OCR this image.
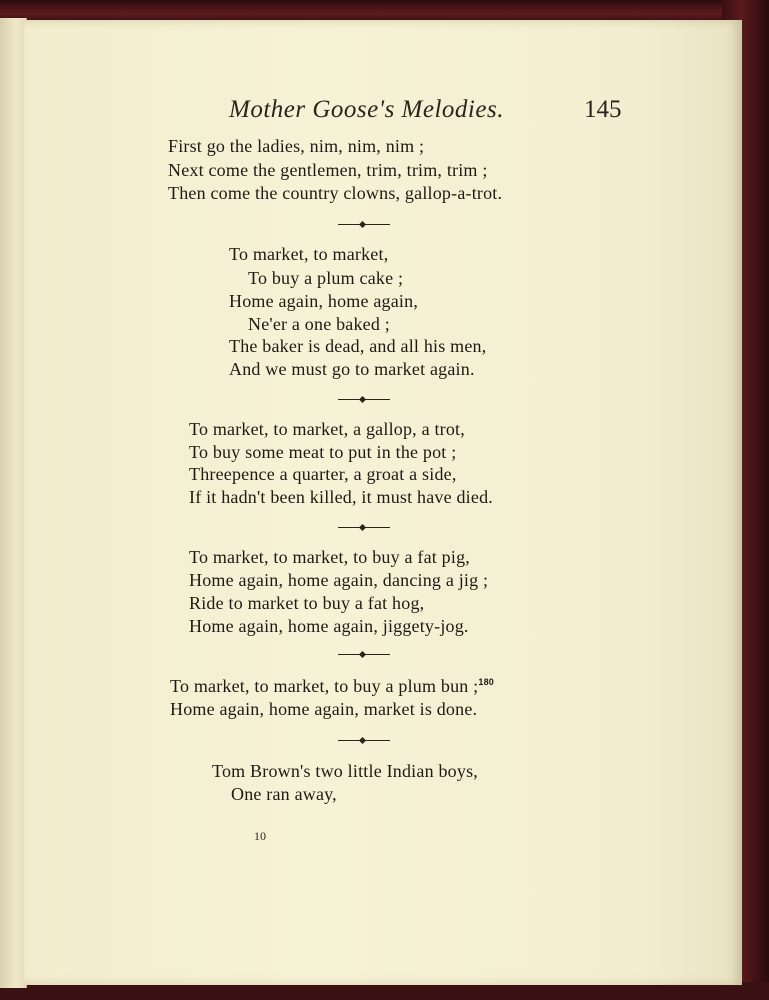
Mother Goose's Melodies.	145
First go the ladies, nim, nim, nim ;
Next come the gentlemen, trim, trim, trim ;
Then come the country clowns, gallop-a-trot.
To market, to market,
To buy a plum cake ;
Home again, home again,
Ne'er a one baked ;
The baker is dead, and all his men,
And we must go to market again.
To market, to market, a gallop, a trot,
To buy some meat to put in the pot ;
Threepence a quarter, a groat a side,
If it hadn't been killed, it must have died.
To market, to market, to buy a fat pig,
Home again, home again, dancing a jig ;
Ride to market to buy a fat hog,
Home again, home again, jiggety-jog.
To market, to market, to buy a plum bun ;$^{180}$
Home again, home again, market is done.
Tom Brown's two little Indian boys,
One ran away,
10
